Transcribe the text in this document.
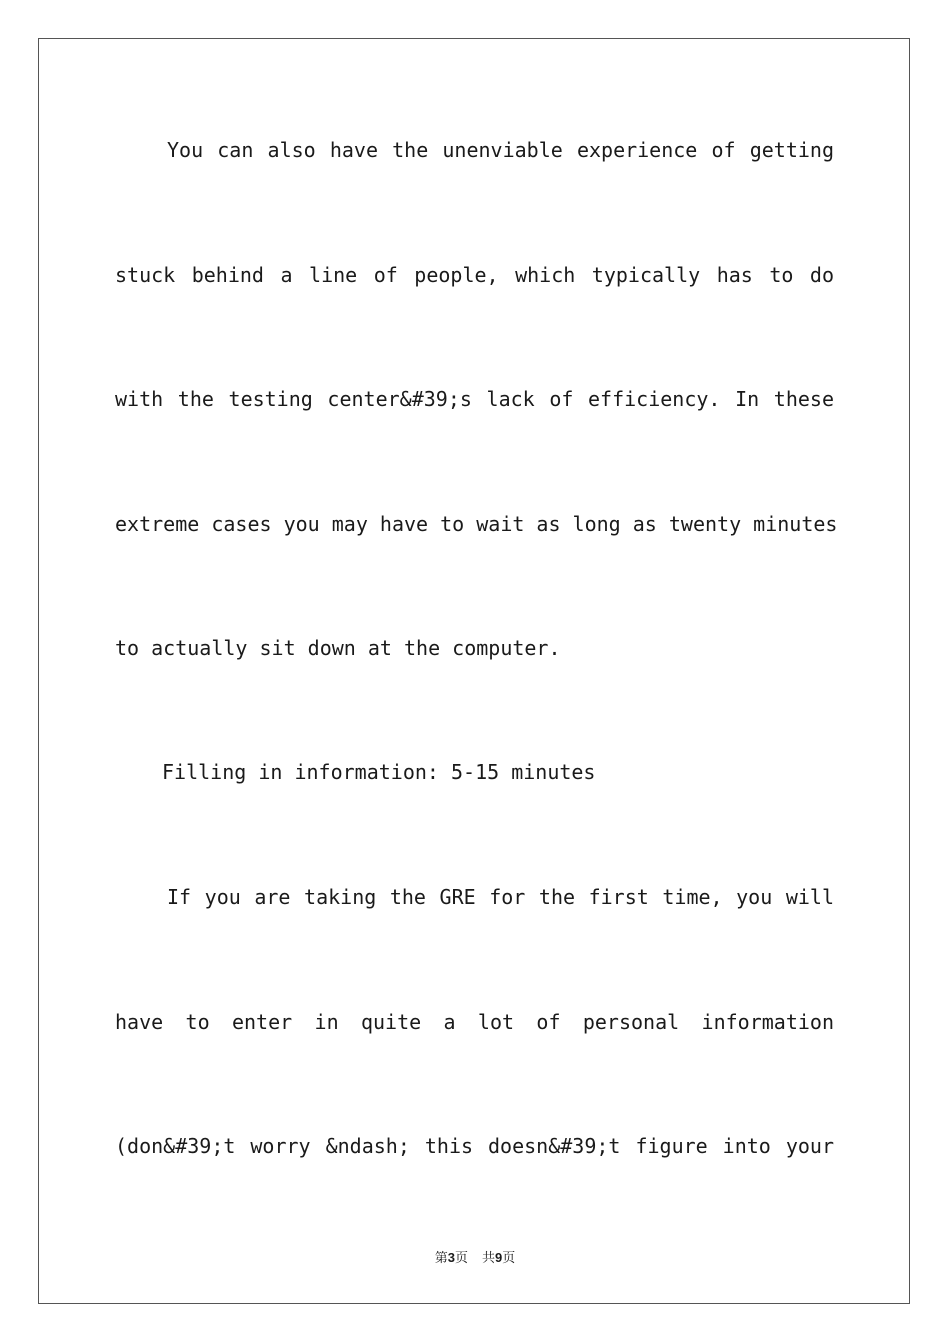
You can also have the unenviable experience of getting
stuck behind a line of people, which typically has to do
with the testing center&#39;s lack of efficiency. In these
extreme cases you may have to wait as long as twenty minutes
to actually sit down at the computer.
Filling in information: 5-15 minutes
If you are taking the GRE for the first time, you will
have to enter in quite a lot of personal information
(don&#39;t worry &ndash; this doesn&#39;t figure into your
第3页 共9页
